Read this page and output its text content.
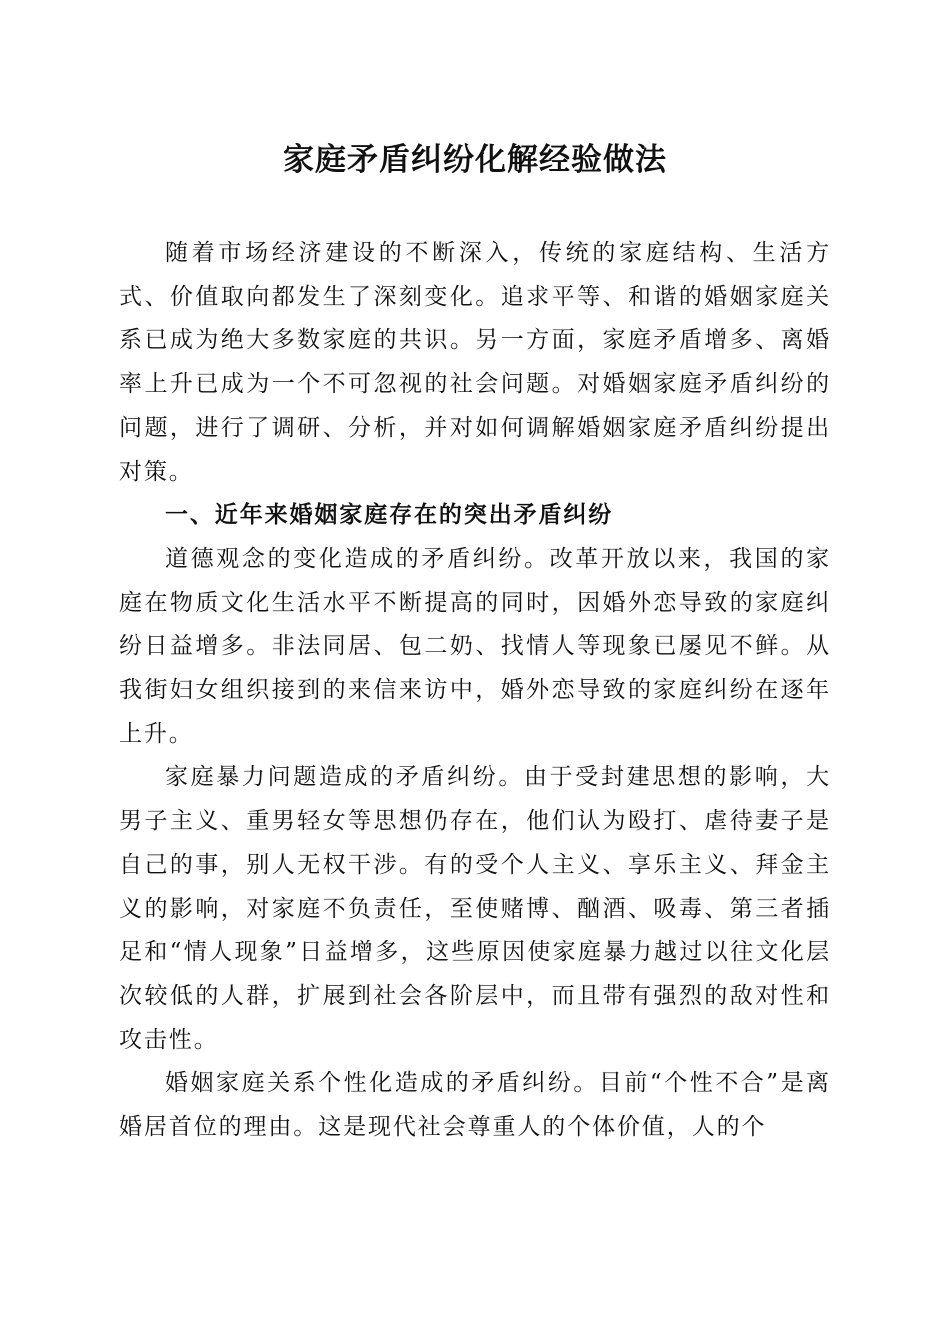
家庭矛盾纠纷化解经验做法

随着市场经济建设的不断深入，传统的家庭结构、生活方式、价值取向都发生了深刻变化。追求平等、和谐的婚姻家庭关系已成为绝大多数家庭的共识。另一方面，家庭矛盾增多、离婚率上升已成为一个不可忽视的社会问题。对婚姻家庭矛盾纠纷的问题，进行了调研、分析，并对如何调解婚姻家庭矛盾纠纷提出对策。

一、近年来婚姻家庭存在的突出矛盾纠纷

道德观念的变化造成的矛盾纠纷。改革开放以来，我国的家庭在物质文化生活水平不断提高的同时，因婚外恋导致的家庭纠纷日益增多。非法同居、包二奶、找情人等现象已屡见不鲜。从我街妇女组织接到的来信来访中，婚外恋导致的家庭纠纷在逐年上升。

家庭暴力问题造成的矛盾纠纷。由于受封建思想的影响，大男子主义、重男轻女等思想仍存在，他们认为殴打、虐待妻子是自己的事，别人无权干涉。有的受个人主义、享乐主义、拜金主义的影响，对家庭不负责任，至使赌博、酗酒、吸毒、第三者插足和“情人现象”日益增多，这些原因使家庭暴力越过以往文化层次较低的人群，扩展到社会各阶层中，而且带有强烈的敌对性和攻击性。

婚姻家庭关系个性化造成的矛盾纠纷。目前“个性不合”是离婚居首位的理由。这是现代社会尊重人的个体价值，人的个
